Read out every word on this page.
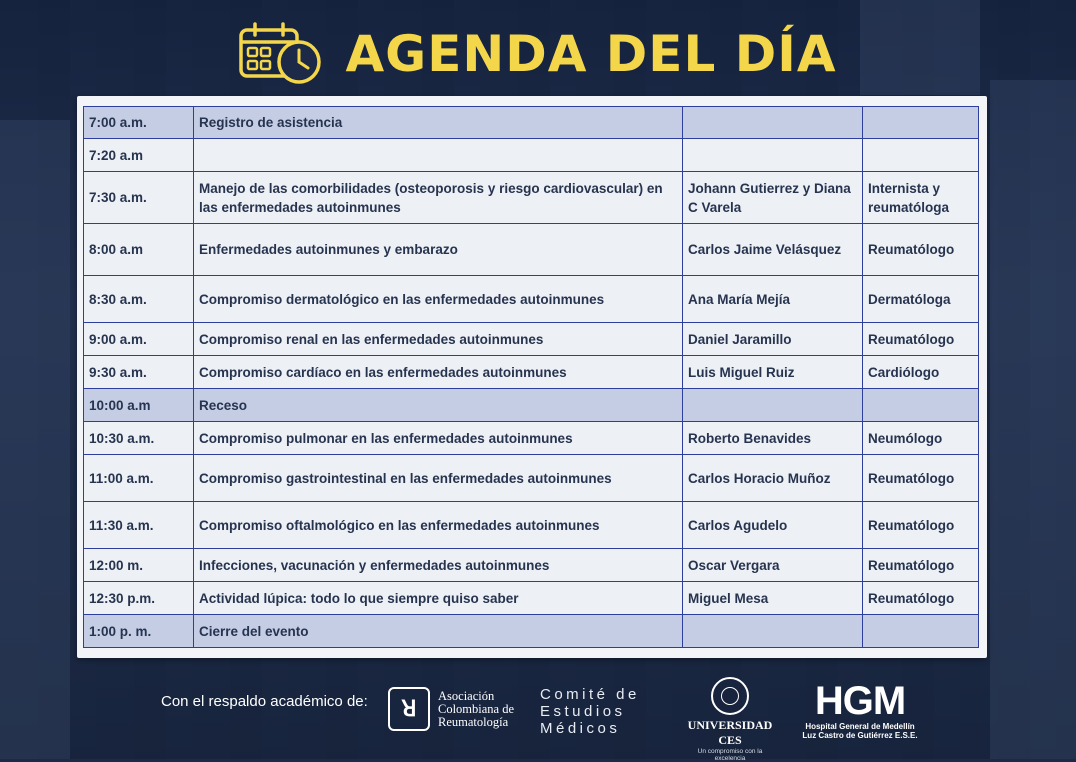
AGENDA DEL DÍA
7:00 a.m.	Registro de asistencia		
7:20 a.m			
7:30 a.m.	Manejo de las comorbilidades (osteoporosis y riesgo cardiovascular) en las enfermedades autoinmunes	Johann Gutierrez y Diana C Varela	Internista y reumatóloga
8:00 a.m	Enfermedades autoinmunes y embarazo	Carlos Jaime Velásquez	Reumatólogo
8:30 a.m.	Compromiso dermatológico en las enfermedades autoinmunes	Ana María Mejía	Dermatóloga
9:00 a.m.	Compromiso renal en las enfermedades autoinmunes	Daniel Jaramillo	Reumatólogo
9:30 a.m.	Compromiso cardíaco en las enfermedades autoinmunes	Luis Miguel Ruiz	Cardiólogo
10:00 a.m	Receso		
10:30 a.m.	Compromiso pulmonar en las enfermedades autoinmunes	Roberto Benavides	Neumólogo
11:00 a.m.	Compromiso gastrointestinal en las enfermedades autoinmunes	Carlos Horacio Muñoz	Reumatólogo
11:30 a.m.	Compromiso oftalmológico en las enfermedades autoinmunes	Carlos Agudelo	Reumatólogo
12:00 m.	Infecciones, vacunación y enfermedades autoinmunes	Oscar Vergara	Reumatólogo
12:30 p.m.	Actividad lúpica: todo lo que siempre quiso saber	Miguel Mesa	Reumatólogo
1:00 p. m.	Cierre del evento		
Con el respaldo académico de:	ꓤ
Asociación
Colombiana de
Reumatología
Comité de
Estudios
Médicos	UNIVERSIDAD CES
Un compromiso con la excelencia
HGM
Hospital General de Medellín
Luz Castro de Gutiérrez E.S.E.
